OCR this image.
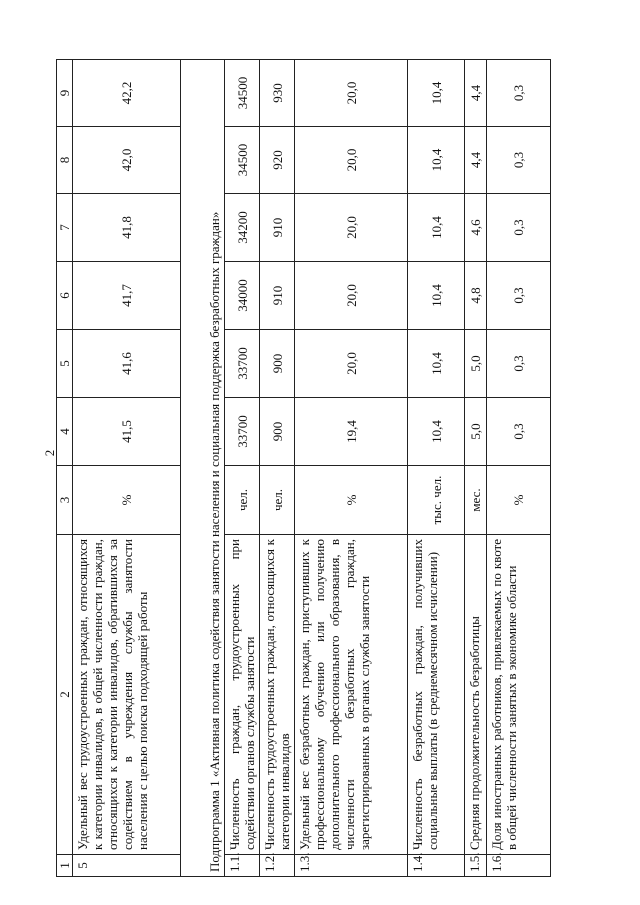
2
1	2	3	4	5	6	7	8	9
5	Удельный вес трудоустроенных граждан, относящихся к категории инвалидов, в общей численности граждан, относящихся к категории инвалидов, обратившихся за содействием в учреждения службы занятости населения с целью поиска подходящей работы	%	41,5	41,6	41,7	41,8	42,0	42,2
Подпрограмма 1 «Активная политика содействия занятости населения и социальная поддержка безработных граждан»								
1.1.	Численность граждан, трудоустроенных при содействии органов службы занятости	чел.	33700	33700	34000	34200	34500	34500
1.2.	Численность трудоустроенных граждан, относящихся к категории инвалидов	чел.	900	900	910	910	920	930
1.3.	Удельный вес безработных граждан, приступивших к профессиональному обучению или получению дополнительного профессионального образования, в численности безработных граждан, зарегистрированных в органах службы занятости	%	19,4	20,0	20,0	20,0	20,0	20,0
1.4.	Численность безработных граждан, получивших социальные выплаты (в среднемесячном исчислении)	тыс. чел.	10,4	10,4	10,4	10,4	10,4	10,4
1.5.	Средняя продолжительность безработицы	мес.	5,0	5,0	4,8	4,6	4,4	4,4
1.6.	Доля иностранных работников, привлекаемых по квоте в общей численности занятых в экономике области	%	0,3	0,3	0,3	0,3	0,3	0,3
